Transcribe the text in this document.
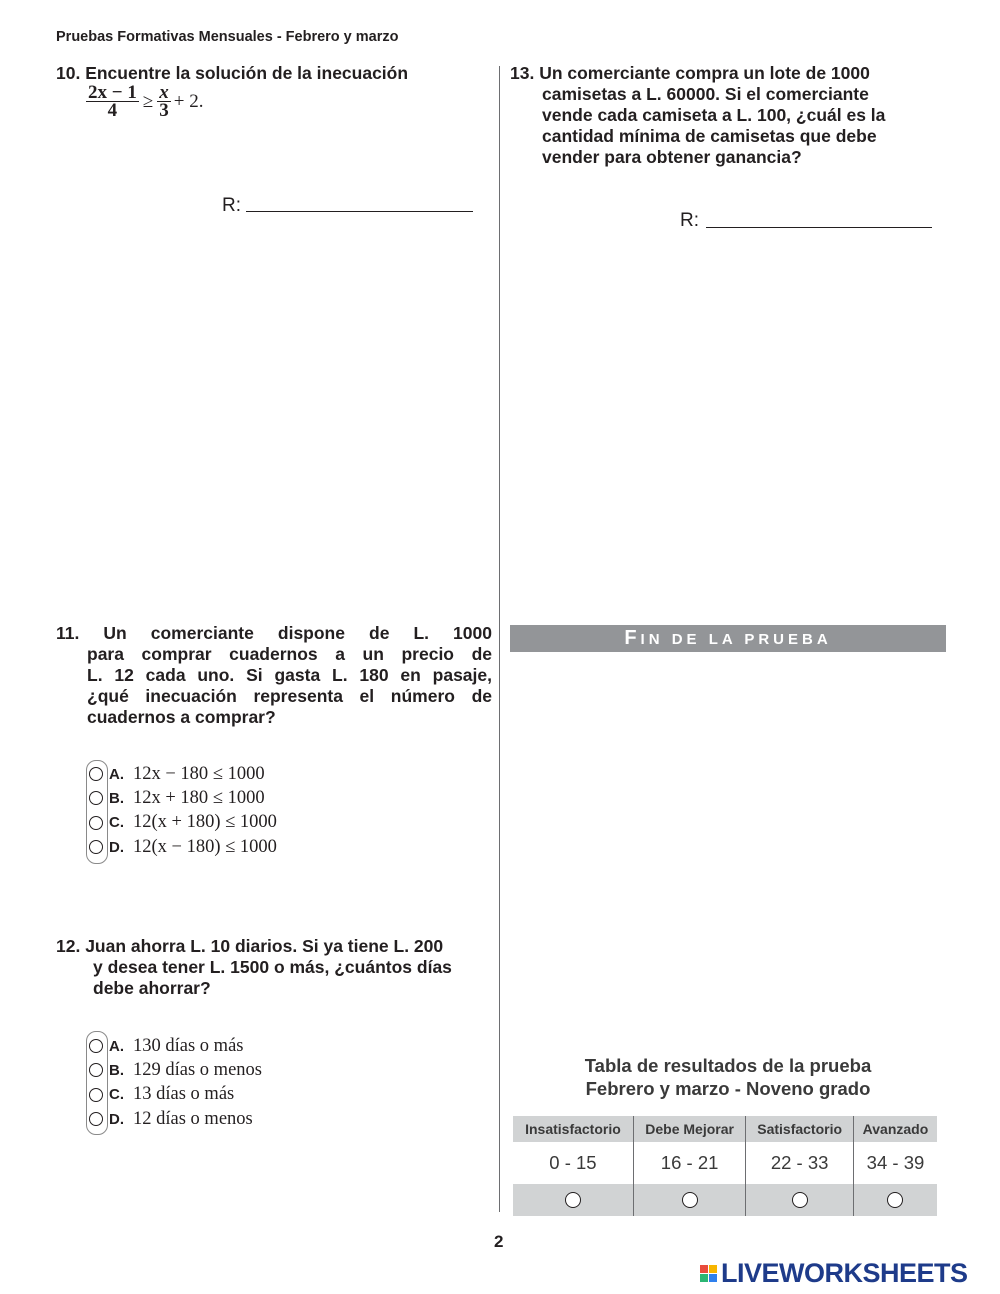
Pruebas Formativas Mensuales - Febrero y marzo
10. Encuentre la solución de la inecuación
$\frac{2x - 1}{4} \ge \frac{x}{3} + 2$.
R:
11. Un comerciante dispone de L. 1000
para comprar cuadernos a un precio de
L. 12 cada uno. Si gasta L. 180 en pasaje,
¿qué inecuación representa el número de
cuadernos a comprar?
A. 12x − 180 ≤ 1000
B. 12x + 180 ≤ 1000
C. 12(x + 180) ≤ 1000
D. 12(x − 180) ≤ 1000
12. Juan ahorra L. 10 diarios. Si ya tiene L. 200
y desea tener L. 1500 o más, ¿cuántos días
debe ahorrar?
A. 130 días o más
B. 129 días o menos
C. 13 días o más
D. 12 días o menos
13. Un comerciante compra un lote de 1000
camisetas a L. 60000. Si el comerciante
vende cada camiseta a L. 100, ¿cuál es la
cantidad mínima de camisetas que debe
vender para obtener ganancia?
R:
FIN DE LA PRUEBA
Tabla de resultados de la prueba
Febrero y marzo - Noveno grado
Insatisfactorio	Debe Mejorar	Satisfactorio	Avanzado
0 - 15	16 - 21	22 - 33	34 - 39

2
LIVEWORKSHEETS
